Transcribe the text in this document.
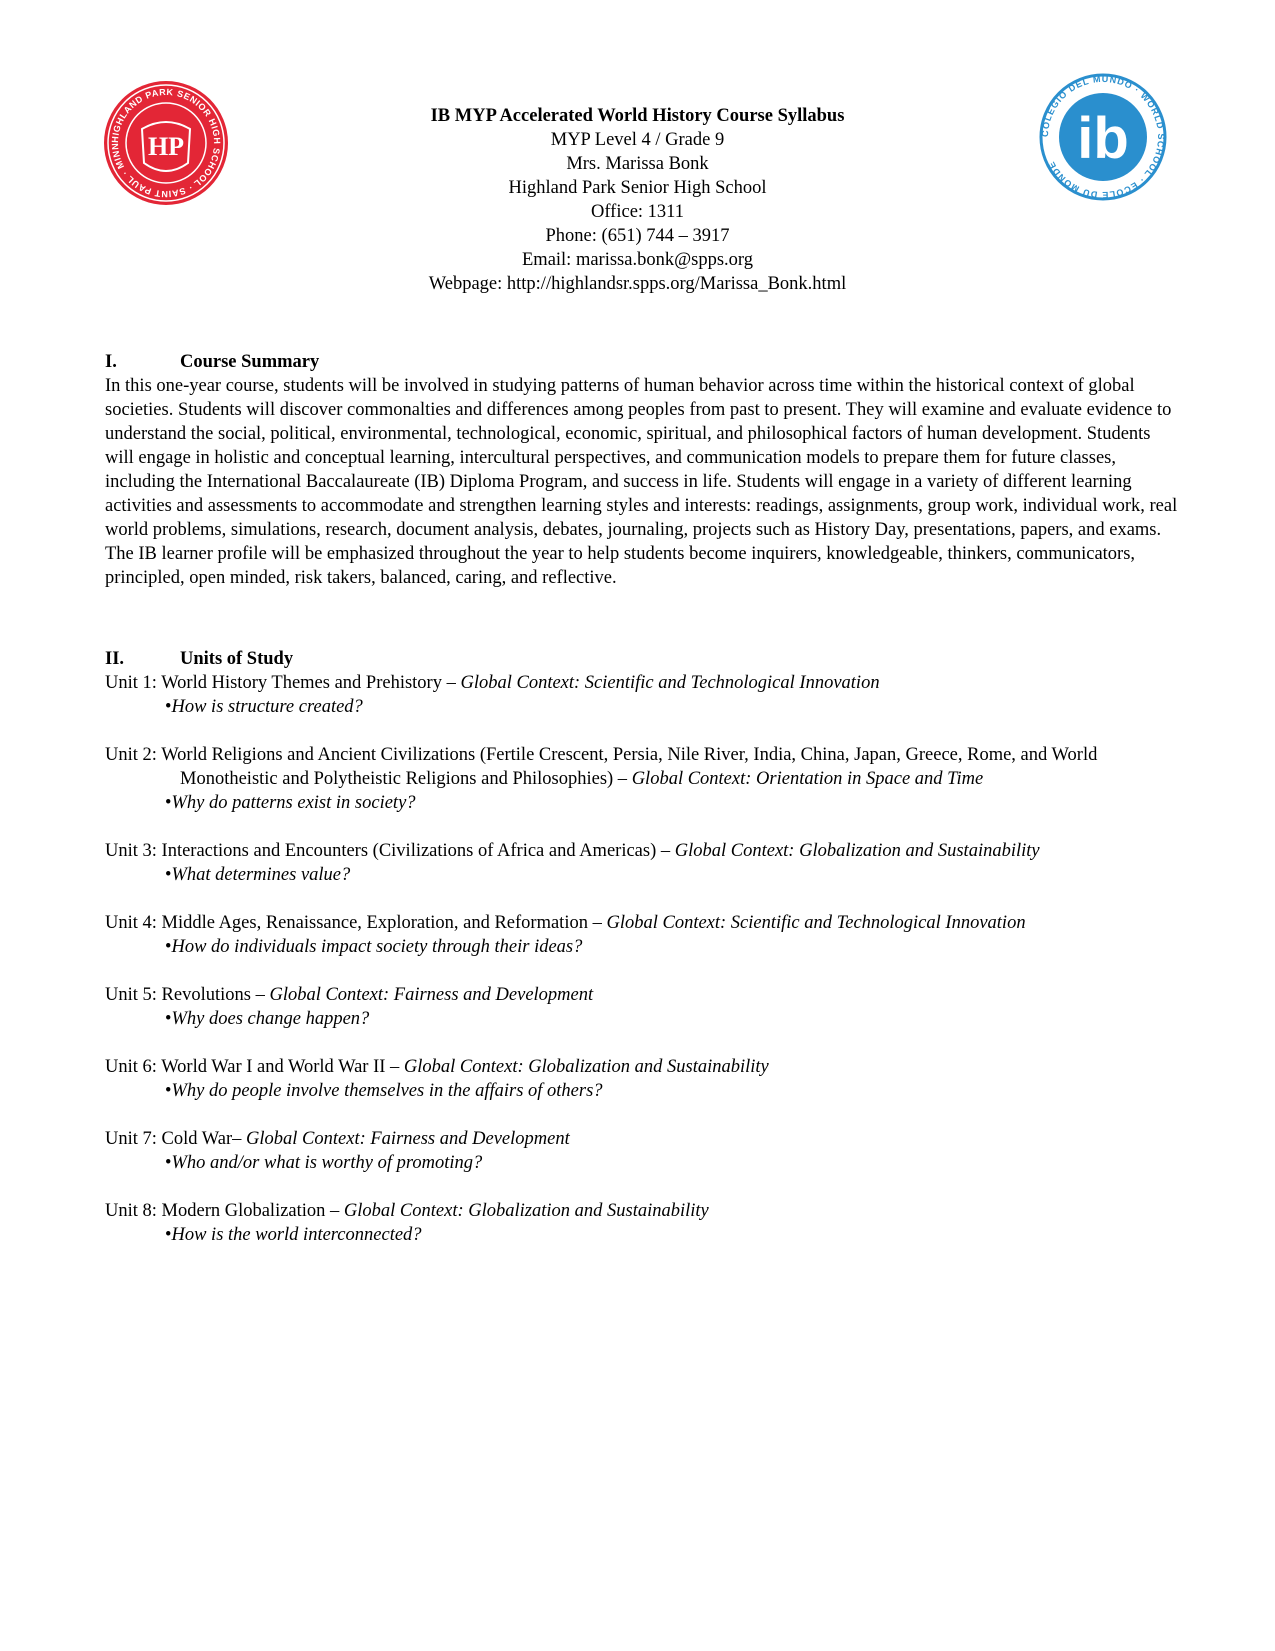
HIGHLAND PARK SENIOR HIGH SCHOOL · SAINT PAUL · MINN	HP	COLEGIO DEL MUNDO · WORLD SCHOOL · ÉCOLE DU MONDE ib
IB MYP Accelerated World History Course Syllabus
MYP Level 4 / Grade 9
Mrs. Marissa Bonk
Highland Park Senior High School
Office: 1311
Phone: (651) 744 – 3917
Email: marissa.bonk@spps.org
Webpage: http://highlandsr.spps.org/Marissa_Bonk.html
I.	Course Summary

In this one-year course, students will be involved in studying patterns of human behavior across time within the historical context of global societies. Students will discover commonalties and differences among peoples from past to present. They will examine and evaluate evidence to understand the social, political, environmental, technological, economic, spiritual, and philosophical factors of human development. Students will engage in holistic and conceptual learning, intercultural perspectives, and communication models to prepare them for future classes, including the International Baccalaureate (IB) Diploma Program, and success in life. Students will engage in a variety of different learning activities and assessments to accommodate and strengthen learning styles and interests: readings, assignments, group work, individual work, real world problems, simulations, research, document analysis, debates, journaling, projects such as History Day, presentations, papers, and exams. The IB learner profile will be emphasized throughout the year to help students become inquirers, knowledgeable, thinkers, communicators, principled, open minded, risk takers, balanced, caring, and reflective.

II.	Units of Study
Unit 1: World History Themes and Prehistory – Global Context: Scientific and Technological Innovation
•How is structure created?
Unit 2: World Religions and Ancient Civilizations (Fertile Crescent, Persia, Nile River, India, China, Japan, Greece, Rome, and World Monotheistic and Polytheistic Religions and Philosophies) – Global Context: Orientation in Space and Time
•Why do patterns exist in society?
Unit 3: Interactions and Encounters (Civilizations of Africa and Americas) – Global Context: Globalization and Sustainability
•What determines value?
Unit 4: Middle Ages, Renaissance, Exploration, and Reformation – Global Context: Scientific and Technological Innovation
•How do individuals impact society through their ideas?
Unit 5: Revolutions – Global Context: Fairness and Development
•Why does change happen?
Unit 6: World War I and World War II – Global Context: Globalization and Sustainability
•Why do people involve themselves in the affairs of others?
Unit 7: Cold War– Global Context: Fairness and Development
•Who and/or what is worthy of promoting?
Unit 8: Modern Globalization – Global Context: Globalization and Sustainability
•How is the world interconnected?
